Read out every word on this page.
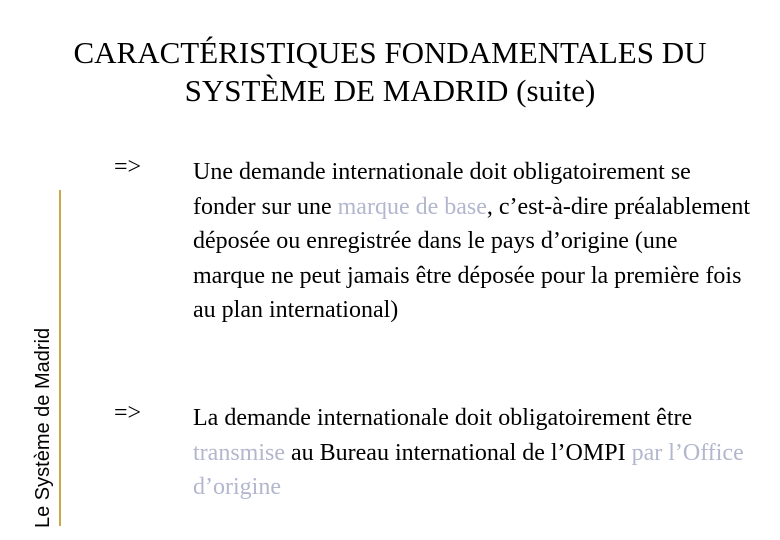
CARACTÉRISTIQUES FONDAMENTALES DU
SYSTÈME DE MADRID (suite)
Le Système de Madrid
=> Une demande internationale doit obligatoirement se fonder sur une marque de base, c’est-à-dire préalablement déposée ou enregistrée dans le pays d’origine (une marque ne peut jamais être déposée pour la première fois au plan international)
=> La demande internationale doit obligatoirement être transmise au Bureau international de l’OMPI par l’Office d’origine
